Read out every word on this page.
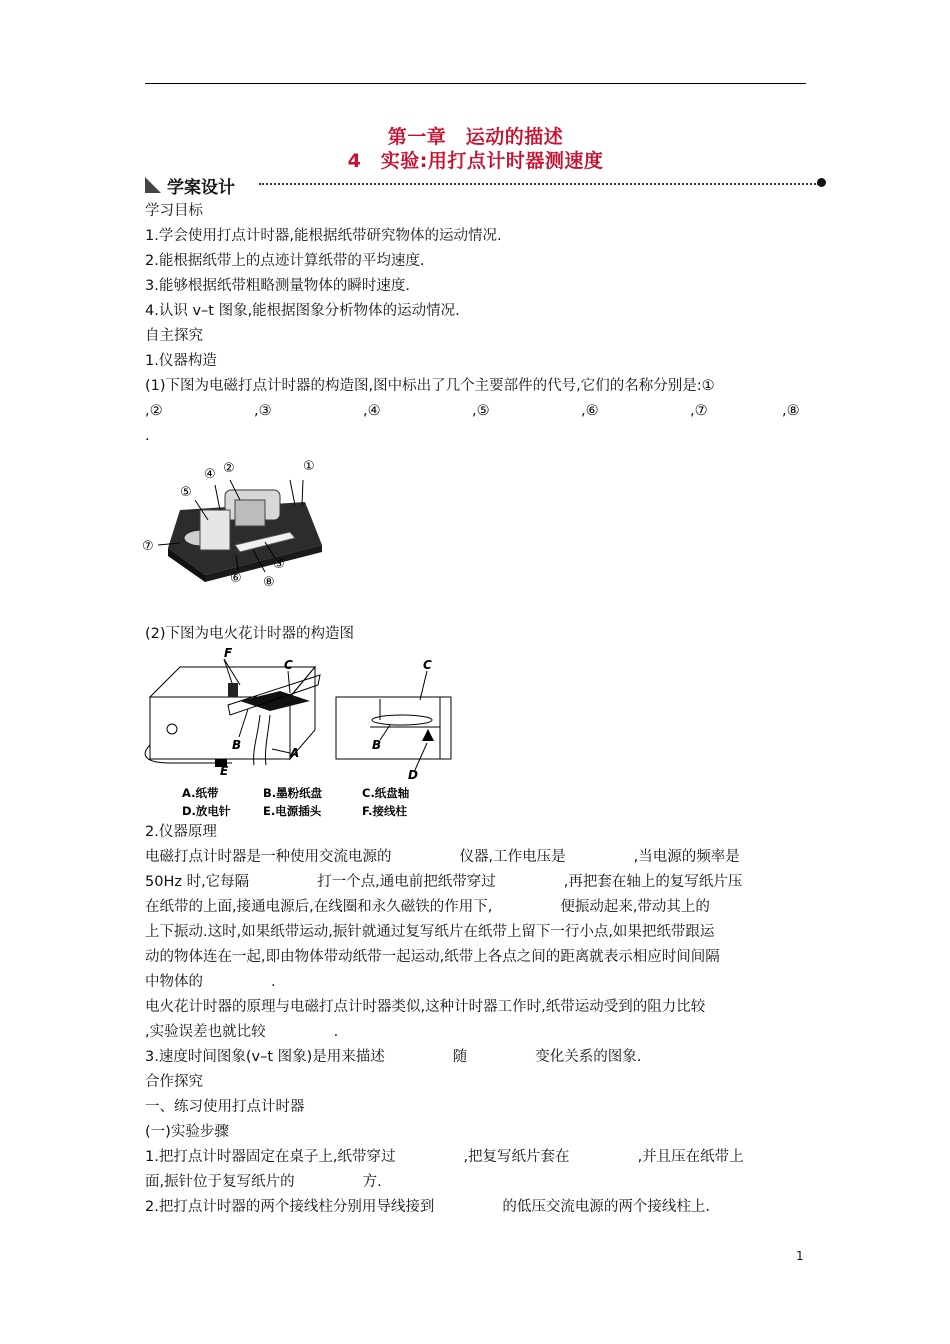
第一章　运动的描述
4　实验:用打点计时器测速度
学案设计
学习目标
1.学会使用打点计时器,能根据纸带研究物体的运动情况.
2.能根据纸带上的点迹计算纸带的平均速度.
3.能够根据纸带粗略测量物体的瞬时速度.
4.认识 v–t 图象,能根据图象分析物体的运动情况.
自主探究
1.仪器构造
(1)下图为电磁打点计时器的构造图,图中标出了几个主要部件的代号,它们的名称分别是:①
,②	,③	,④	,⑤	,⑥	,⑦	,⑧
.
①
②
④
⑤
⑦
③
⑥ ⑧
(2)下图为电火花计时器的构造图
F
C
B
E
A
C
B
D
A.纸带	B.墨粉纸盘	C.纸盘轴
D.放电针	E.电源插头	F.接线柱
2.仪器原理
电磁打点计时器是一种使用交流电源的	仪器,工作电压是	,当电源的频率是
50Hz 时,它每隔	打一个点,通电前把纸带穿过	,再把套在轴上的复写纸片压
在纸带的上面,接通电源后,在线圈和永久磁铁的作用下,	便振动起来,带动其上的
上下振动.这时,如果纸带运动,振针就通过复写纸片在纸带上留下一行小点,如果把纸带跟运
动的物体连在一起,即由物体带动纸带一起运动,纸带上各点之间的距离就表示相应时间间隔
中物体的	.
电火花计时器的原理与电磁打点计时器类似,这种计时器工作时,纸带运动受到的阻力比较
,实验误差也就比较	.
3.速度时间图象(v–t 图象)是用来描述	随	变化关系的图象.
合作探究
一、练习使用打点计时器
(一)实验步骤
1.把打点计时器固定在桌子上,纸带穿过	,把复写纸片套在	,并且压在纸带上
面,振针位于复写纸片的	方.
2.把打点计时器的两个接线柱分别用导线接到	的低压交流电源的两个接线柱上.
1
